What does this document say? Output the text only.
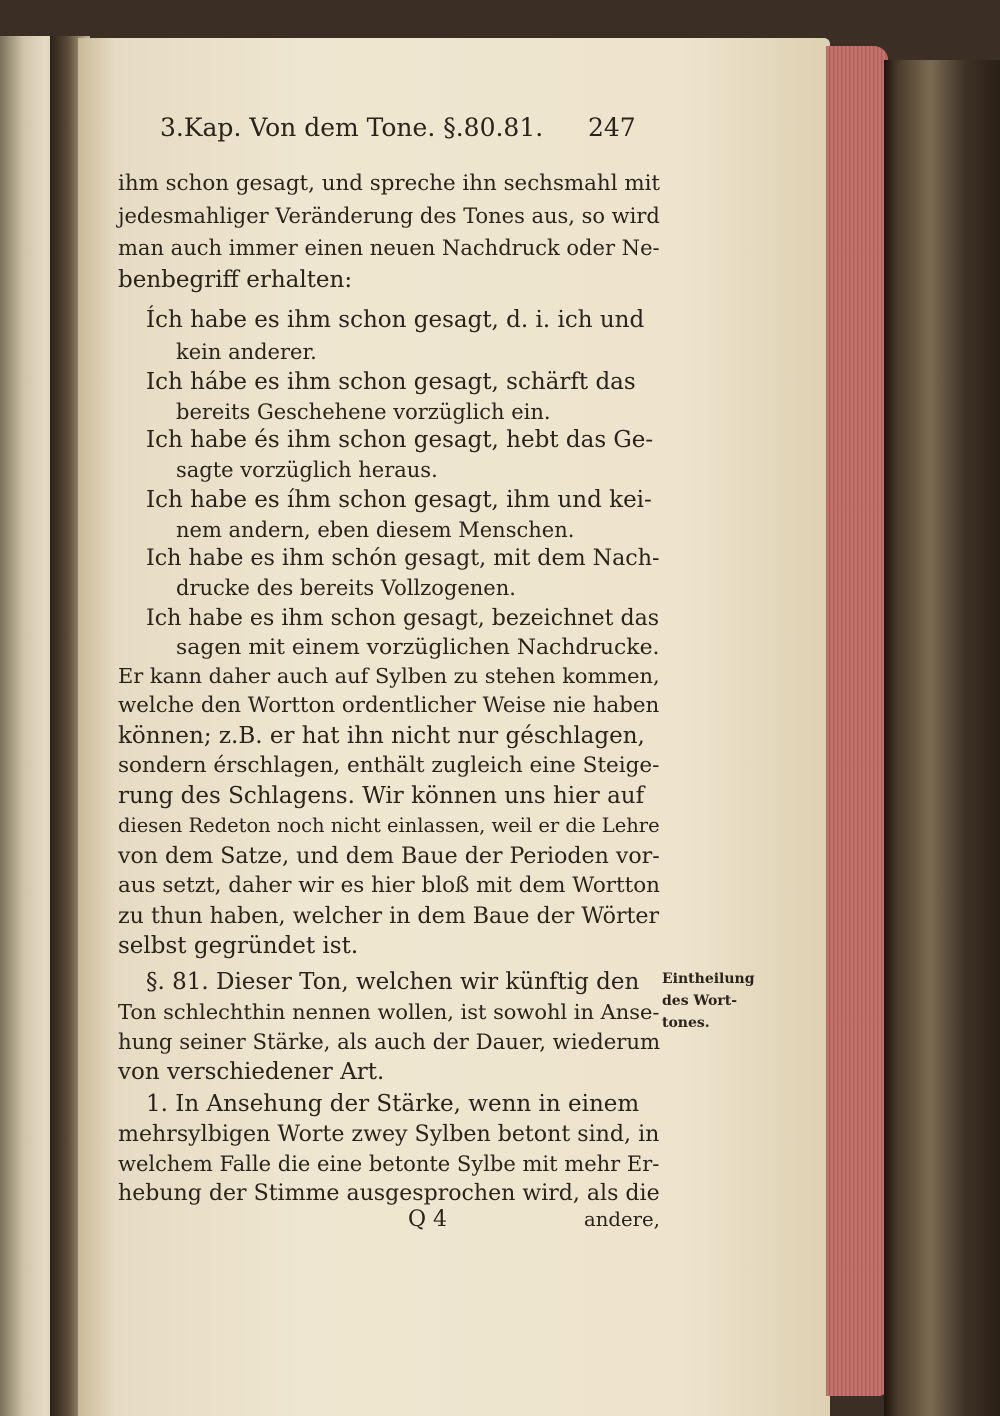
3.Kap. Von dem Tone. §.80.81. 247
ihm schon gesagt, und spreche ihn sechsmahl mit
jedesmahliger Veränderung des Tones aus, so wird
man auch immer einen neuen Nachdruck oder Ne-
benbegriff erhalten:
Ích habe es ihm schon gesagt, d. i. ich und
kein anderer.
Ich hábe es ihm schon gesagt, schärft das
bereits Geschehene vorzüglich ein.
Ich habe és ihm schon gesagt, hebt das Ge-
sagte vorzüglich heraus.
Ich habe es íhm schon gesagt, ihm und kei-
nem andern, eben diesem Menschen.
Ich habe es ihm schón gesagt, mit dem Nach-
drucke des bereits Vollzogenen.
Ich habe es ihm schon gesagt, bezeichnet das
sagen mit einem vorzüglichen Nachdrucke.
Er kann daher auch auf Sylben zu stehen kommen,
welche den Wortton ordentlicher Weise nie haben
können; z.B. er hat ihn nicht nur géschlagen,
sondern érschlagen, enthält zugleich eine Steige-
rung des Schlagens. Wir können uns hier auf
diesen Redeton noch nicht einlassen, weil er die Lehre
von dem Satze, und dem Baue der Perioden vor-
aus setzt, daher wir es hier bloß mit dem Wortton
zu thun haben, welcher in dem Baue der Wörter
selbst gegründet ist.
§. 81. Dieser Ton, welchen wir künftig den
Ton schlechthin nennen wollen, ist sowohl in Anse-
hung seiner Stärke, als auch der Dauer, wiederum
von verschiedener Art.
1. In Ansehung der Stärke, wenn in einem
mehrsylbigen Worte zwey Sylben betont sind, in
welchem Falle die eine betonte Sylbe mit mehr Er-
hebung der Stimme ausgesprochen wird, als die
Eintheilung
des Wort-
tones.
Q 4	andere,
